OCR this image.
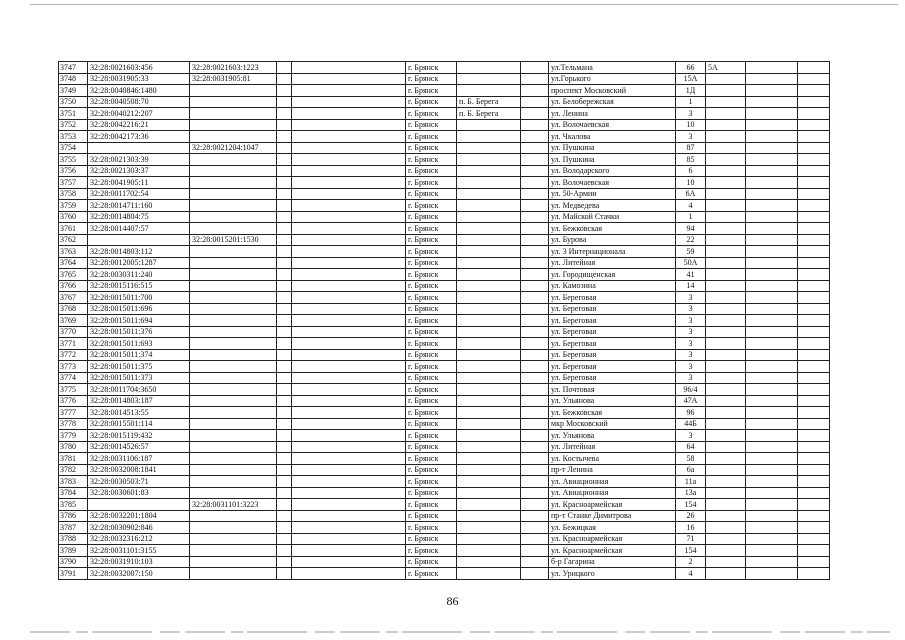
3747	32:28:0021603:456	32:28:0021603:1223			г. Брянск			ул.Тельмана	66	5А		
3748	32:28:0031905:33	32:28:0031905:81			г. Брянск			ул.Горького	15А			
3749	32:28:0040846:1480				г. Брянск			проспект Московский	1Д			
3750	32:28:0040508:70				г. Брянск	п. Б. Берега		ул. Белобережская	1			
3751	32:28:0040212:207				г. Брянск	п. Б. Берега		ул. Ленина	3			
3752	32:28:0042216:21				г. Брянск			ул. Волочаевская	10			
3753	32:28:0042173:36				г. Брянск			ул. Чкалова	3			
3754		32:28:0021204:1047			г. Брянск			ул. Пушкина	87			
3755	32:28:0021303:39				г. Брянск			ул. Пушкина	85			
3756	32:28:0021303:37				г. Брянск			ул. Володарского	6			
3757	32:28:0041905:11				г. Брянск			ул. Волочаевская	10			
3758	32:28:0011702:54				г. Брянск			ул. 50-Армии	6А			
3759	32:28:0014711:160				г. Брянск			ул. Медведева	4			
3760	32:28:0014804:75				г. Брянск			ул. Майской Стачки	1			
3761	32:28:0014407:57				г. Брянск			ул. Бежковская	94			
3762		32:28:0015201:1530			г. Брянск			ул. Бурова	22			
3763	32:28:0014803:112				г. Брянск			ул. 3 Интернационала	59			
3764	32:28:0012005:1287				г. Брянск			ул. Литейная	50А			
3765	32:28:0030311:240				г. Брянск			ул. Городищенская	41			
3766	32:28:0015116:515				г. Брянск			ул. Камозина	14			
3767	32:28:0015011:700				г. Брянск			ул. Береговая	3			
3768	32:28:0015011:696				г. Брянск			ул. Береговая	3			
3769	32:28:0015011:694				г. Брянск			ул. Береговая	3			
3770	32:28:0015011:376				г. Брянск			ул. Береговая	3			
3771	32:28:0015011:693				г. Брянск			ул. Береговая	3			
3772	32:28:0015011:374				г. Брянск			ул. Береговая	3			
3773	32:28:0015011:375				г. Брянск			ул. Береговая	3			
3774	32:28:0015011:373				г. Брянск			ул. Береговая	3			
3775	32:28:0011704:3650				г. Брянск			ул. Почтовая	96/4			
3776	32:28:0014803:187				г. Брянск			ул. Ульянова	47А			
3777	32:28:0014513:55				г. Брянск			ул. Бежковская	96			
3778	32:28:0015501:114				г. Брянск			мкр Московский	44Б			
3779	32:28:0015119:432				г. Брянск			ул. Ульянова	3			
3780	32:28:0014526:57				г. Брянск			ул. Литейная	64			
3781	32:28:0031106:187				г. Брянск			ул. Костычева	58			
3782	32:28:0032008:1841				г. Брянск			пр-т Ленина	6а			
3783	32:28:0030503:71				г. Брянск			ул. Авиационная	11а			
3784	32:28:0030601:83				г. Брянск			ул. Авиационная	13а			
3785		32:28:0031101:3223			г. Брянск			ул. Красноармейская	154			
3786	32:28:0032201:1804				г. Брянск			пр-т Станке Димитрова	26			
3787	32:28:0030902:846				г. Брянск			ул. Бежицкая	16			
3788	32:28:0032316:212				г. Брянск			ул. Красноармейская	71			
3789	32:28:0031101:3155				г. Брянск			ул. Красноармейская	154			
3790	32:28:0031910:103				г. Брянск			б-р Гагарина	2			
3791	32:28:0032007:150				г. Брянск			ул. Урицкого	4			
86
